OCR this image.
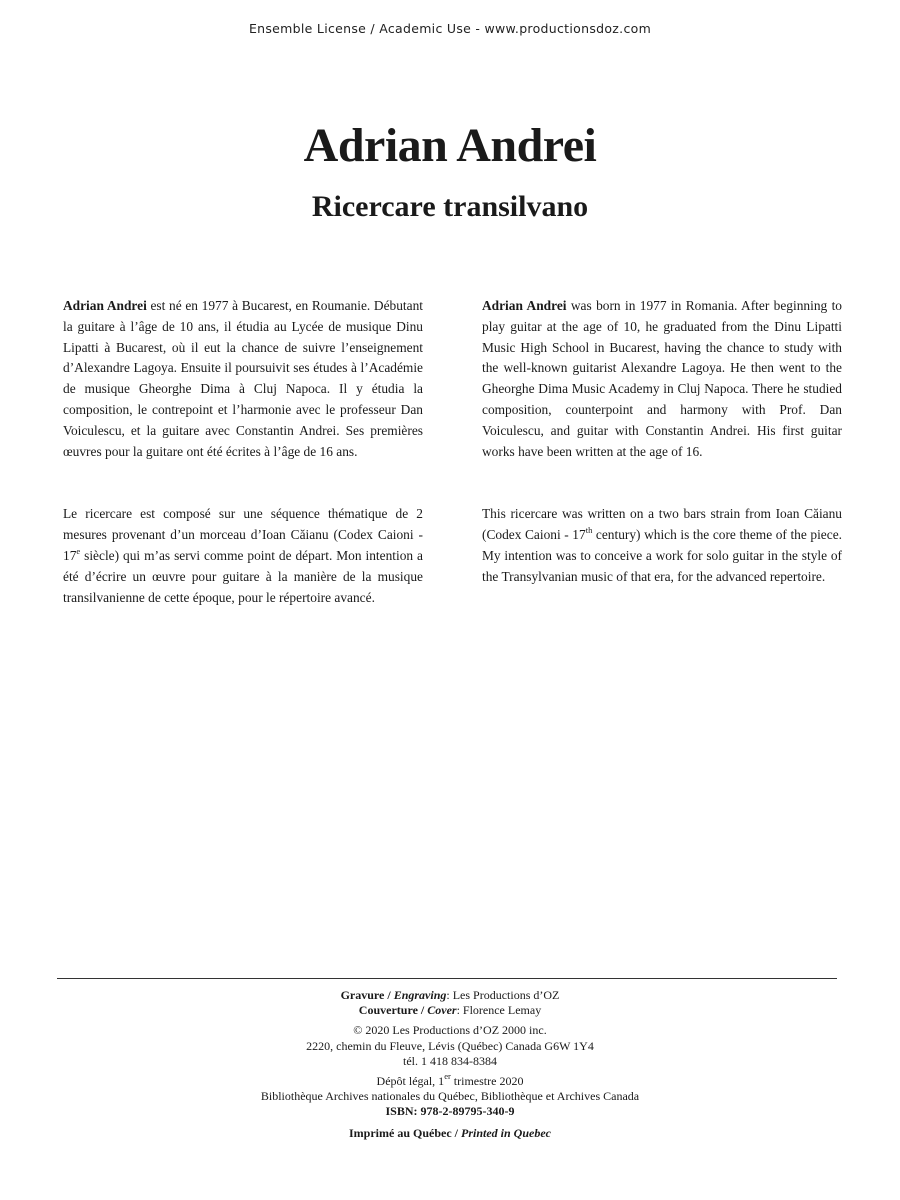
Ensemble License / Academic Use - www.productionsdoz.com
Adrian Andrei
Ricercare transilvano

Adrian Andrei est né en 1977 à Bucarest, en Roumanie. Débutant la guitare à l’âge de 10 ans, il étudia au Lycée de musique Dinu Lipatti à Bucarest, où il eut la chance de suivre l’enseignement d’Alexandre Lagoya. Ensuite il poursuivit ses études à l’Académie de musique Gheorghe Dima à Cluj Napoca. Il y étudia la composition, le contrepoint et l’harmonie avec le professeur Dan Voiculescu, et la guitare avec Constantin Andrei. Ses premières œuvres pour la guitare ont été écrites à l’âge de 16 ans.

Le ricercare est composé sur une séquence thématique de 2 mesures provenant d’un morceau d’Ioan Căianu (Codex Caioni - 17e siècle) qui m’as servi comme point de départ. Mon intention a été d’écrire un œuvre pour guitare à la manière de la musique transilvanienne de cette époque, pour le répertoire avancé.

Adrian Andrei was born in 1977 in Romania. After beginning to play guitar at the age of 10, he graduated from the Dinu Lipatti Music High School in Bucarest, having the chance to study with the well-known guitarist Alexandre Lagoya. He then went to the Gheorghe Dima Music Academy in Cluj Napoca. There he studied composition, counterpoint and harmony with Prof. Dan Voiculescu, and guitar with Constantin Andrei. His first guitar works have been written at the age of 16.

This ricercare was written on a two bars strain from Ioan Căianu (Codex Caioni - 17th century) which is the core theme of the piece. My intention was to conceive a work for solo guitar in the style of the Transylvanian music of that era, for the advanced repertoire.

Gravure / Engraving: Les Productions d’OZ
Couverture / Cover: Florence Lemay
© 2020 Les Productions d’OZ 2000 inc.
2220, chemin du Fleuve, Lévis (Québec) Canada G6W 1Y4
tél. 1 418 834-8384
Dépôt légal, 1er trimestre 2020
Bibliothèque Archives nationales du Québec, Bibliothèque et Archives Canada
ISBN: 978-2-89795-340-9
Imprimé au Québec / Printed in Quebec
